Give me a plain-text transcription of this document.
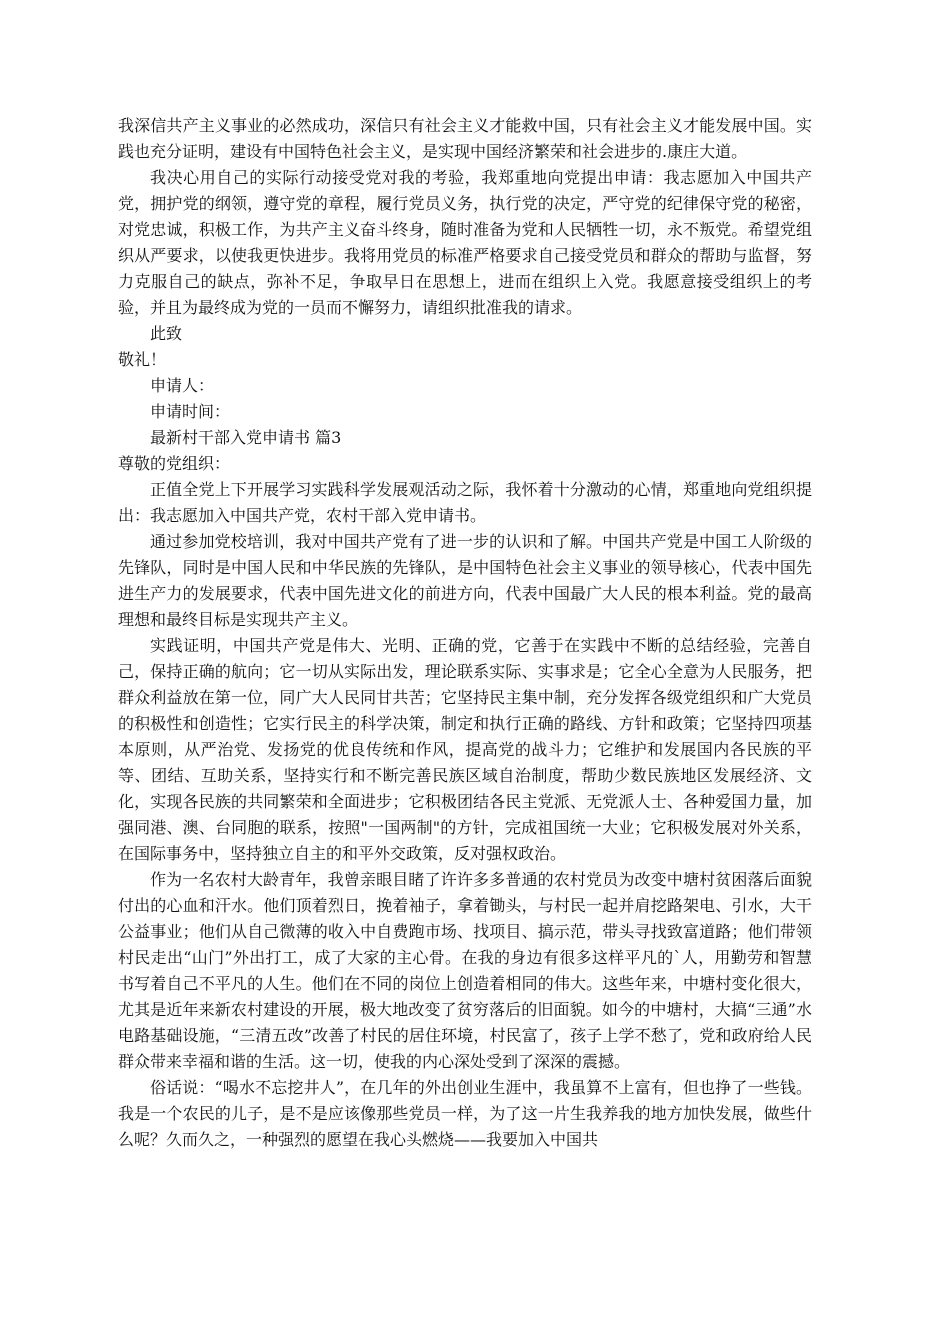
我深信共产主义事业的必然成功，深信只有社会主义才能救中国，只有社会主义才能发展中国。实践也充分证明，建设有中国特色社会主义，是实现中国经济繁荣和社会进步的.康庄大道。

我决心用自己的实际行动接受党对我的考验，我郑重地向党提出申请：我志愿加入中国共产党，拥护党的纲领，遵守党的章程，履行党员义务，执行党的决定，严守党的纪律保守党的秘密，对党忠诚，积极工作，为共产主义奋斗终身，随时准备为党和人民牺牲一切，永不叛党。希望党组织从严要求，以使我更快进步。我将用党员的标准严格要求自己接受党员和群众的帮助与监督，努力克服自己的缺点，弥补不足，争取早日在思想上，进而在组织上入党。我愿意接受组织上的考验，并且为最终成为党的一员而不懈努力，请组织批准我的请求。

此致

敬礼！

申请人：

申请时间：

最新村干部入党申请书 篇3

尊敬的党组织：

正值全党上下开展学习实践科学发展观活动之际，我怀着十分激动的心情，郑重地向党组织提出：我志愿加入中国共产党，农村干部入党申请书。

通过参加党校培训，我对中国共产党有了进一步的认识和了解。中国共产党是中国工人阶级的先锋队，同时是中国人民和中华民族的先锋队，是中国特色社会主义事业的领导核心，代表中国先进生产力的发展要求，代表中国先进文化的前进方向，代表中国最广大人民的根本利益。党的最高理想和最终目标是实现共产主义。

实践证明，中国共产党是伟大、光明、正确的党，它善于在实践中不断的总结经验，完善自己，保持正确的航向；它一切从实际出发，理论联系实际、实事求是；它全心全意为人民服务，把群众利益放在第一位，同广大人民同甘共苦；它坚持民主集中制，充分发挥各级党组织和广大党员的积极性和创造性；它实行民主的科学决策，制定和执行正确的路线、方针和政策；它坚持四项基本原则，从严治党、发扬党的优良传统和作风，提高党的战斗力；它维护和发展国内各民族的平等、团结、互助关系，坚持实行和不断完善民族区域自治制度，帮助少数民族地区发展经济、文化，实现各民族的共同繁荣和全面进步；它积极团结各民主党派、无党派人士、各种爱国力量，加强同港、澳、台同胞的联系，按照"一国两制"的方针，完成祖国统一大业；它积极发展对外关系，在国际事务中，坚持独立自主的和平外交政策，反对强权政治。

作为一名农村大龄青年，我曾亲眼目睹了许许多多普通的农村党员为改变中塘村贫困落后面貌付出的心血和汗水。他们顶着烈日，挽着袖子，拿着锄头，与村民一起并肩挖路架电、引水，大干公益事业；他们从自己微薄的收入中自费跑市场、找项目、搞示范，带头寻找致富道路；他们带领村民走出“山门”外出打工，成了大家的主心骨。在我的身边有很多这样平凡的`人，用勤劳和智慧书写着自己不平凡的人生。他们在不同的岗位上创造着相同的伟大。这些年来，中塘村变化很大，尤其是近年来新农村建设的开展，极大地改变了贫穷落后的旧面貌。如今的中塘村，大搞“三通”水电路基础设施，“三清五改”改善了村民的居住环境，村民富了，孩子上学不愁了，党和政府给人民群众带来幸福和谐的生活。这一切，使我的内心深处受到了深深的震撼。

俗话说：“喝水不忘挖井人”，在几年的外出创业生涯中，我虽算不上富有，但也挣了一些钱。我是一个农民的儿子，是不是应该像那些党员一样，为了这一片生我养我的地方加快发展，做些什么呢？久而久之，一种强烈的愿望在我心头燃烧——我要加入中国共
